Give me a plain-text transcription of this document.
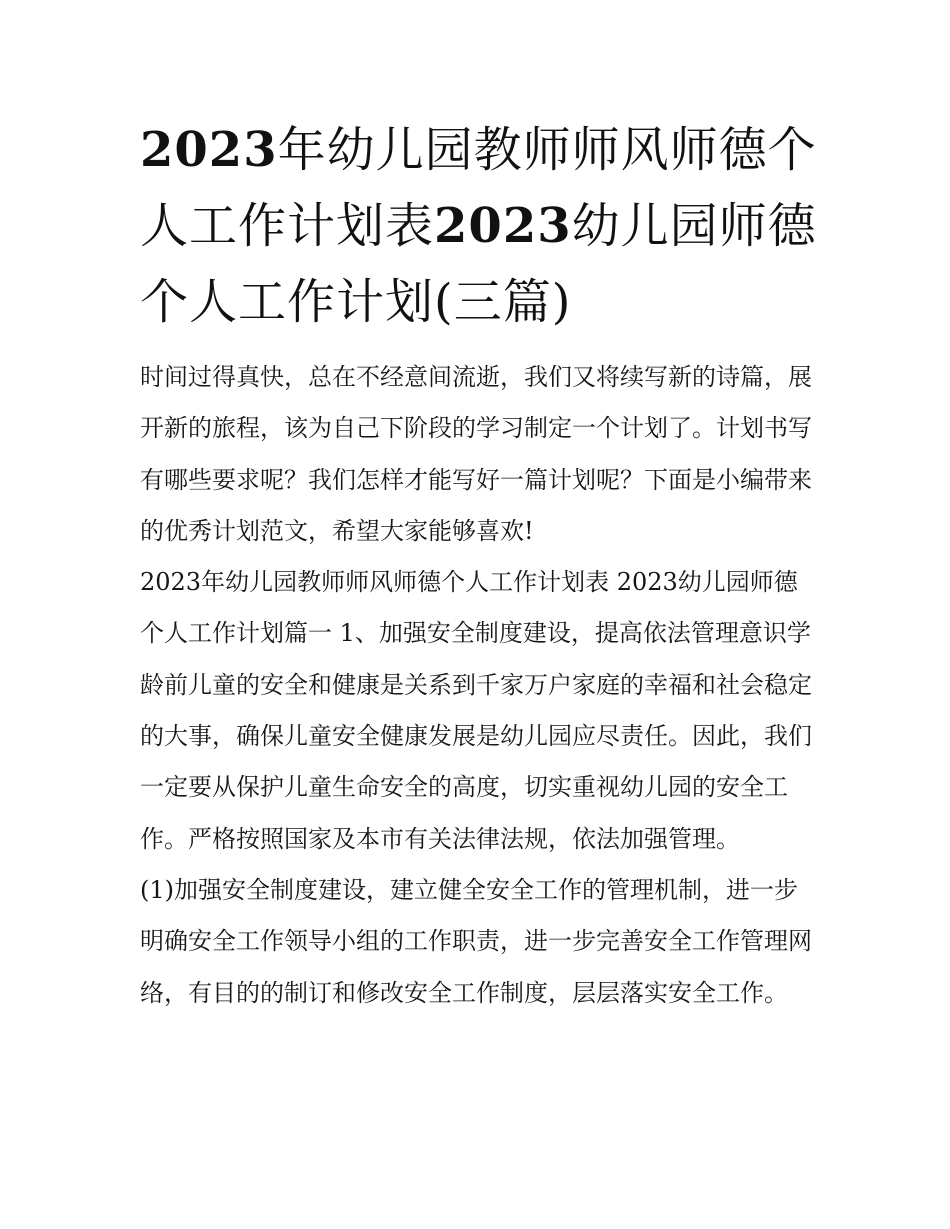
2023年幼儿园教师师风师德个人工作计划表2023幼儿园师德个人工作计划(三篇)

时间过得真快，总在不经意间流逝，我们又将续写新的诗篇，展开新的旅程，该为自己下阶段的学习制定一个计划了。计划书写有哪些要求呢？我们怎样才能写好一篇计划呢？下面是小编带来的优秀计划范文，希望大家能够喜欢!

2023年幼儿园教师师风师德个人工作计划表 2023幼儿园师德个人工作计划篇一 1、加强安全制度建设，提高依法管理意识学龄前儿童的安全和健康是关系到千家万户家庭的幸福和社会稳定的大事，确保儿童安全健康发展是幼儿园应尽责任。因此，我们一定要从保护儿童生命安全的高度，切实重视幼儿园的安全工作。严格按照国家及本市有关法律法规，依法加强管理。

(1)加强安全制度建设，建立健全安全工作的管理机制，进一步明确安全工作领导小组的工作职责，进一步完善安全工作管理网络，有目的的制订和修改安全工作制度，层层落实安全工作。
